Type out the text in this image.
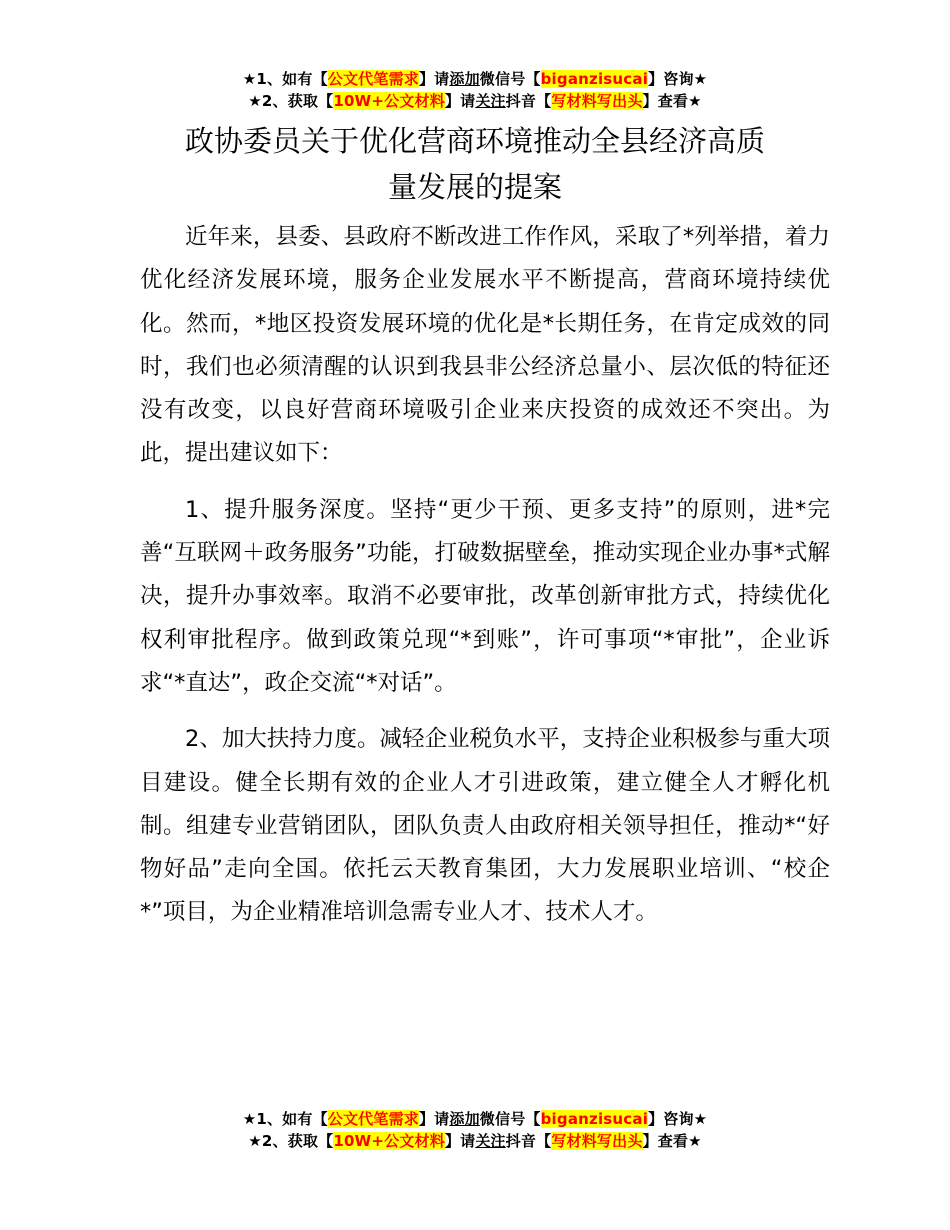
★1、如有【公文代笔需求】请添加微信号【biganzisucai】咨询★
★2、获取【10W+公文材料】请关注抖音【写材料写出头】查看★
政协委员关于优化营商环境推动全县经济高质
量发展的提案

近年来，县委、县政府不断改进工作作风，采取了*列举措，着力优化经济发展环境，服务企业发展水平不断提高，营商环境持续优化。然而，*地区投资发展环境的优化是*长期任务，在肯定成效的同时，我们也必须清醒的认识到我县非公经济总量小、层次低的特征还没有改变，以良好营商环境吸引企业来庆投资的成效还不突出。为此，提出建议如下：

1、提升服务深度。坚持“更少干预、更多支持”的原则，进*完善“互联网＋政务服务”功能，打破数据壁垒，推动实现企业办事*式解决，提升办事效率。取消不必要审批，改革创新审批方式，持续优化权利审批程序。做到政策兑现“*到账”，许可事项“*审批”，企业诉求“*直达”，政企交流“*对话”。

2、加大扶持力度。减轻企业税负水平，支持企业积极参与重大项目建设。健全长期有效的企业人才引进政策，建立健全人才孵化机制。组建专业营销团队，团队负责人由政府相关领导担任，推动*“好物好品”走向全国。依托云天教育集团，大力发展职业培训、“校企*”项目，为企业精准培训急需专业人才、技术人才。

★1、如有【公文代笔需求】请添加微信号【biganzisucai】咨询★
★2、获取【10W+公文材料】请关注抖音【写材料写出头】查看★
